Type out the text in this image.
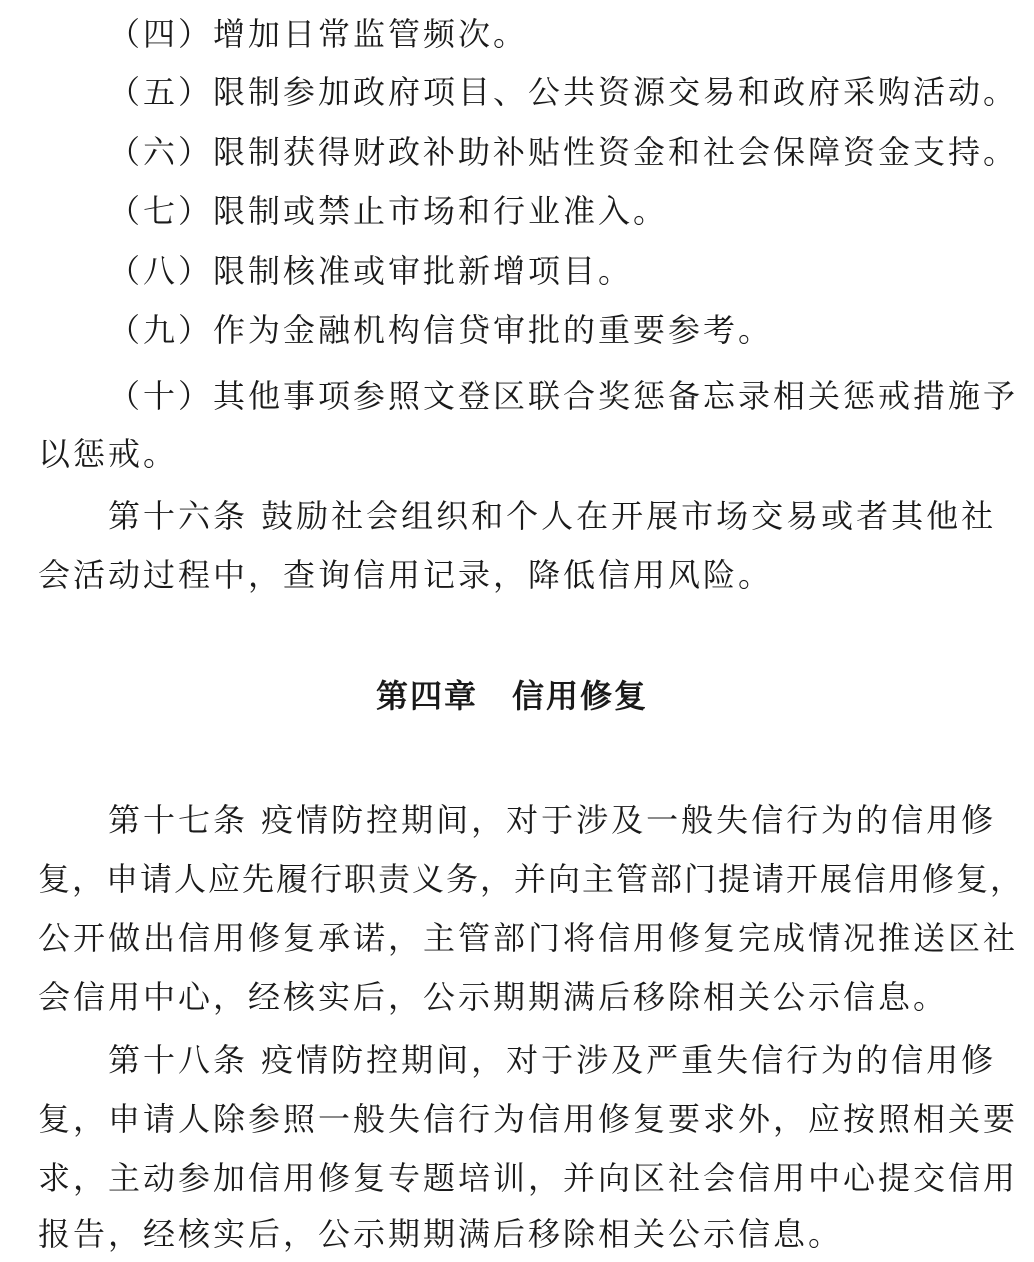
（四）增加日常监管频次。
（五）限制参加政府项目、公共资源交易和政府采购活动。
（六）限制获得财政补助补贴性资金和社会保障资金支持。
（七）限制或禁止市场和行业准入。
（八）限制核准或审批新增项目。
（九）作为金融机构信贷审批的重要参考。
（十）其他事项参照文登区联合奖惩备忘录相关惩戒措施予
以惩戒。
第十六条 鼓励社会组织和个人在开展市场交易或者其他社
会活动过程中，查询信用记录，降低信用风险。
第四章　信用修复
第十七条 疫情防控期间，对于涉及一般失信行为的信用修
复，申请人应先履行职责义务，并向主管部门提请开展信用修复，
公开做出信用修复承诺，主管部门将信用修复完成情况推送区社
会信用中心，经核实后，公示期期满后移除相关公示信息。
第十八条 疫情防控期间，对于涉及严重失信行为的信用修
复，申请人除参照一般失信行为信用修复要求外，应按照相关要
求，主动参加信用修复专题培训，并向区社会信用中心提交信用
报告，经核实后，公示期期满后移除相关公示信息。
